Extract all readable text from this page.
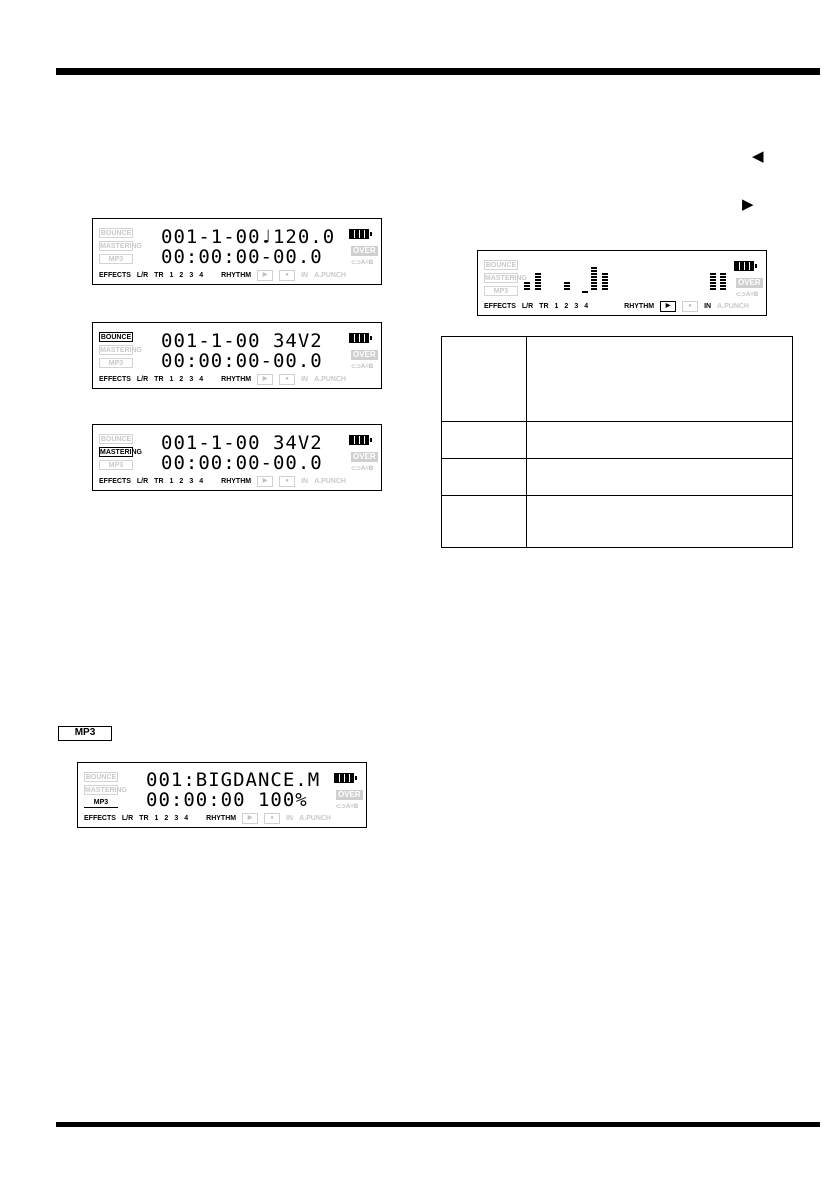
BOUNCE
MASTERING
MP3
001-1-00♩120.0
00:00:00-00.0	OVER
⊂⊃A=B
EFFECTS L/R TR 1 2 3 4	RHYTHM ▶	● IN A.PUNCH
BOUNCE
MASTERING
MP3
001-1-00 34V2
00:00:00-00.0	OVER
⊂⊃A=B
EFFECTS L/R TR 1 2 3 4	RHYTHM ▶	● IN A.PUNCH
BOUNCE
MASTERING
MP3
001-1-00 34V2
00:00:00-00.0	OVER
⊂⊃A=B
EFFECTS L/R TR 1 2 3 4	RHYTHM ▶	● IN A.PUNCH
MP3
BOUNCE
MASTERING
MP3
001:BIGDANCE.M
00:00:00 100%	OVER
⊂⊃A=B
EFFECTS L/R TR 1 2 3 4	RHYTHM ▶	● IN A.PUNCH
◀
▶
BOUNCE
MASTERING
MP3
OVER
⊂⊃A=B
EFFECTS L/R TR 1 2 3 4	RHYTHM ▶	● IN A.PUNCH
